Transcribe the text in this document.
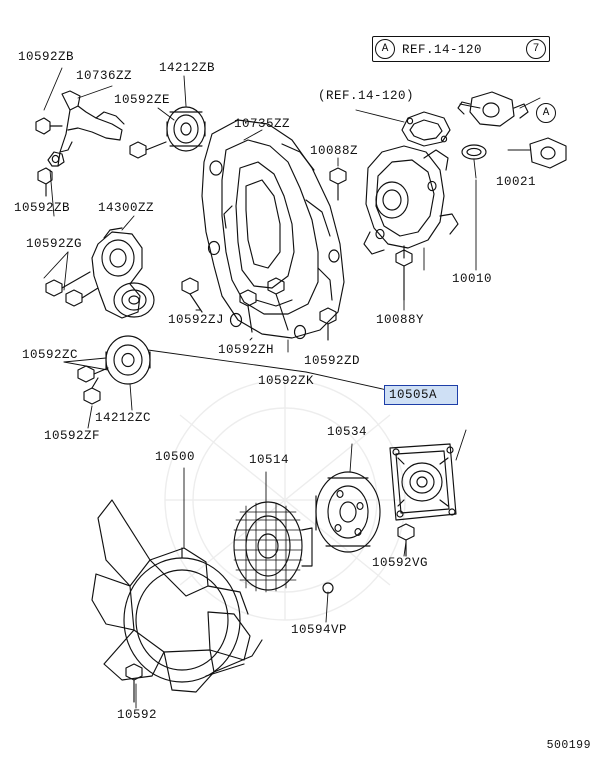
A	REF.14-120	7
(REF.14-120)
A
10505A
10592ZB
10736ZZ
14212ZB
10592ZE
10735ZZ
10088Z
10021
10592ZB 14300ZZ
10592ZG
10010
10592ZJ	10088Y
10592ZC	10592ZH
10592ZD
10592ZK
14212ZC
10592ZF	10534
10500	10514
10592VG
10594VP
10592
500199
